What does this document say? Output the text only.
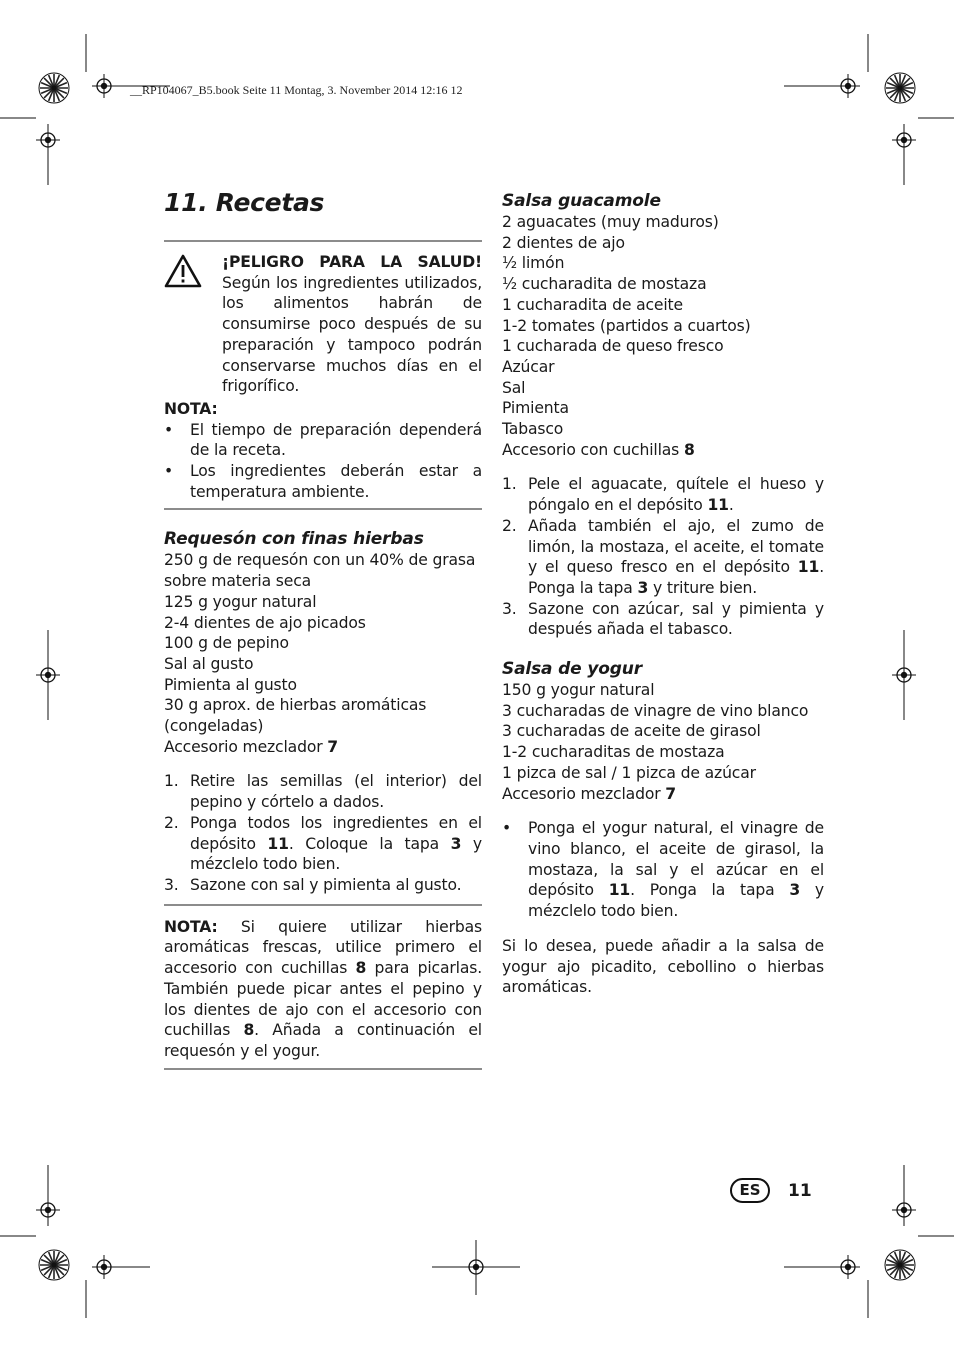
__RP104067_B5.book Seite 11 Montag, 3. November 2014 12:16 12
11. Recetas
¡PELIGRO PARA LA SALUD! Según los ingredientes utilizados, los alimentos habrán de consumirse poco después de su preparación y tampoco podrán conservarse muchos días en el frigorífico.
NOTA:
• El tiempo de preparación dependerá de la receta.
• Los ingredientes deberán estar a temperatura ambiente.
Requesón con finas hierbas
250 g de requesón con un 40% de grasa sobre materia seca
125 g yogur natural
2-4 dientes de ajo picados
100 g de pepino
Sal al gusto
Pimienta al gusto
30 g aprox. de hierbas aromáticas (congeladas)
Accesorio mezclador 7
1. Retire las semillas (el interior) del pepino y córtelo a dados.
2. Ponga todos los ingredientes en el depósito 11. Coloque la tapa 3 y mézclelo todo bien.
3. Sazone con sal y pimienta al gusto.
NOTA: Si quiere utilizar hierbas aromáticas frescas, utilice primero el accesorio con cuchillas 8 para picarlas. También puede picar antes el pepino y los dientes de ajo con el accesorio con cuchillas 8. Añada a continuación el requesón y el yogur.
Salsa guacamole
2 aguacates (muy maduros)
2 dientes de ajo
½ limón
½ cucharadita de mostaza
1 cucharadita de aceite
1-2 tomates (partidos a cuartos)
1 cucharada de queso fresco
Azúcar
Sal
Pimienta
Tabasco
Accesorio con cuchillas 8
1. Pele el aguacate, quítele el hueso y póngalo en el depósito 11.
2. Añada también el ajo, el zumo de limón, la mostaza, el aceite, el tomate y el queso fresco en el depósito 11. Ponga la tapa 3 y triture bien.
3. Sazone con azúcar, sal y pimienta y después añada el tabasco.
Salsa de yogur
150 g yogur natural
3 cucharadas de vinagre de vino blanco
3 cucharadas de aceite de girasol
1-2 cucharaditas de mostaza
1 pizca de sal / 1 pizca de azúcar
Accesorio mezclador 7
• Ponga el yogur natural, el vinagre de vino blanco, el aceite de girasol, la mostaza, la sal y el azúcar en el depósito 11. Ponga la tapa 3 y mézclelo todo bien.
Si lo desea, puede añadir a la salsa de yogur ajo picadito, cebollino o hierbas aromáticas.
ES	11
